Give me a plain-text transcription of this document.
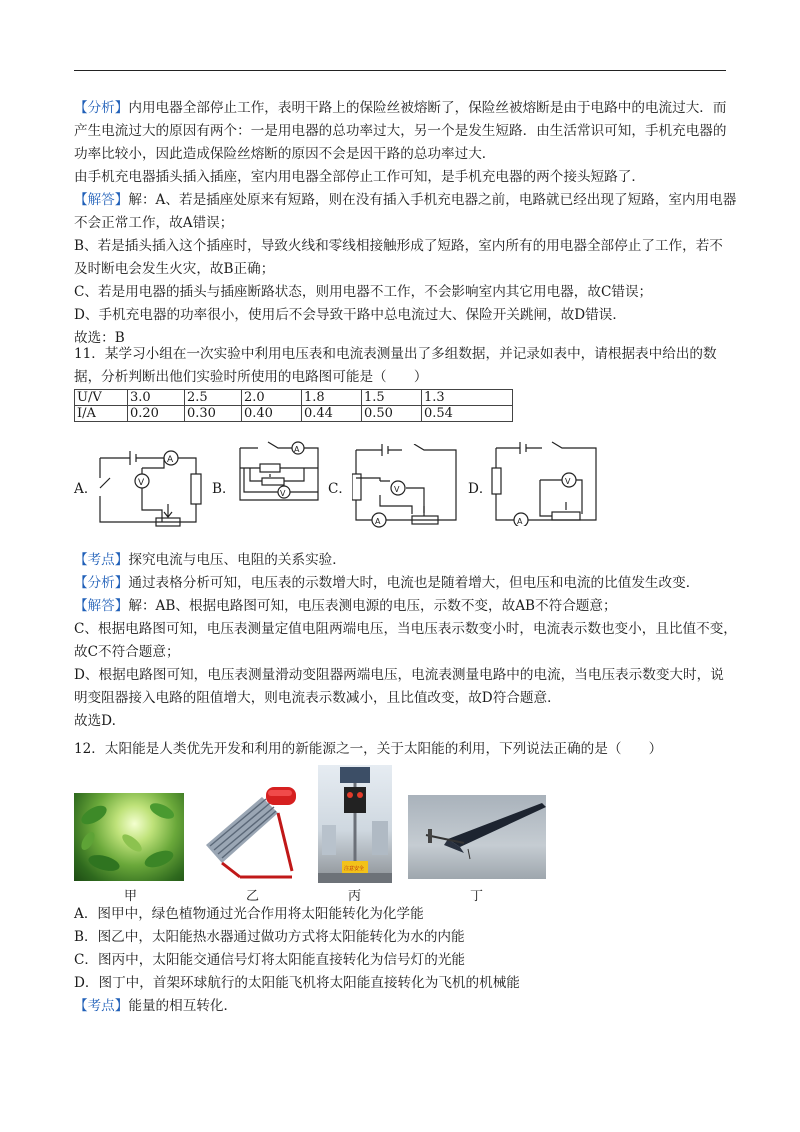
【分析】内用电器全部停止工作，表明干路上的保险丝被熔断了，保险丝被熔断是由于电路中的电流过大．而
产生电流过大的原因有两个：一是用电器的总功率过大，另一个是发生短路．由生活常识可知，手机充电器的
功率比较小，因此造成保险丝熔断的原因不会是因干路的总功率过大．
由手机充电器插头插入插座，室内用电器全部停止工作可知，是手机充电器的两个接头短路了．
【解答】解：A、若是插座处原来有短路，则在没有插入手机充电器之前，电路就已经出现了短路，室内用电器
不会正常工作，故A错误；
B、若是插头插入这个插座时，导致火线和零线相接触形成了短路，室内所有的用电器全部停止了工作，若不
及时断电会发生火灾，故B正确；
C、若是用电器的插头与插座断路状态，则用电器不工作，不会影响室内其它用电器，故C错误；
D、手机充电器的功率很小，使用后不会导致干路中总电流过大、保险开关跳闸，故D错误．
故选：B
11．某学习小组在一次实验中利用电压表和电流表测量出了多组数据，并记录如表中，请根据表中给出的数
据，分析判断出他们实验时所使用的电路图可能是（　　）
U/V	3.0	2.5	2.0	1.8	1.5	1.3
I/A	0.20	0.30	0.40	0.44	0.50	0.54
A．	B．	C．	D．
A
V
A
V
A
V
A
V
【考点】探究电流与电压、电阻的关系实验．
【分析】通过表格分析可知，电压表的示数增大时，电流也是随着增大，但电压和电流的比值发生改变．
【解答】解：AB、根据电路图可知，电压表测电源的电压，示数不变，故AB不符合题意；
C、根据电路图可知，电压表测量定值电阻两端电压，当电压表示数变小时，电流表示数也变小，且比值不变，
故C不符合题意；
D、根据电路图可知，电压表测量滑动变阻器两端电压，电流表测量电路中的电流，当电压表示数变大时，说
明变阻器接入电路的阻值增大，则电流表示数减小，且比值改变，故D符合题意．
故选D.
12．太阳能是人类优先开发和利用的新能源之一，关于太阳能的利用，下列说法正确的是（　　）
注意安全
甲	乙	丙	丁
A．图甲中，绿色植物通过光合作用将太阳能转化为化学能
B．图乙中，太阳能热水器通过做功方式将太阳能转化为水的内能
C．图丙中，太阳能交通信号灯将太阳能直接转化为信号灯的光能
D．图丁中，首架环球航行的太阳能飞机将太阳能直接转化为飞机的机械能
【考点】能量的相互转化．
